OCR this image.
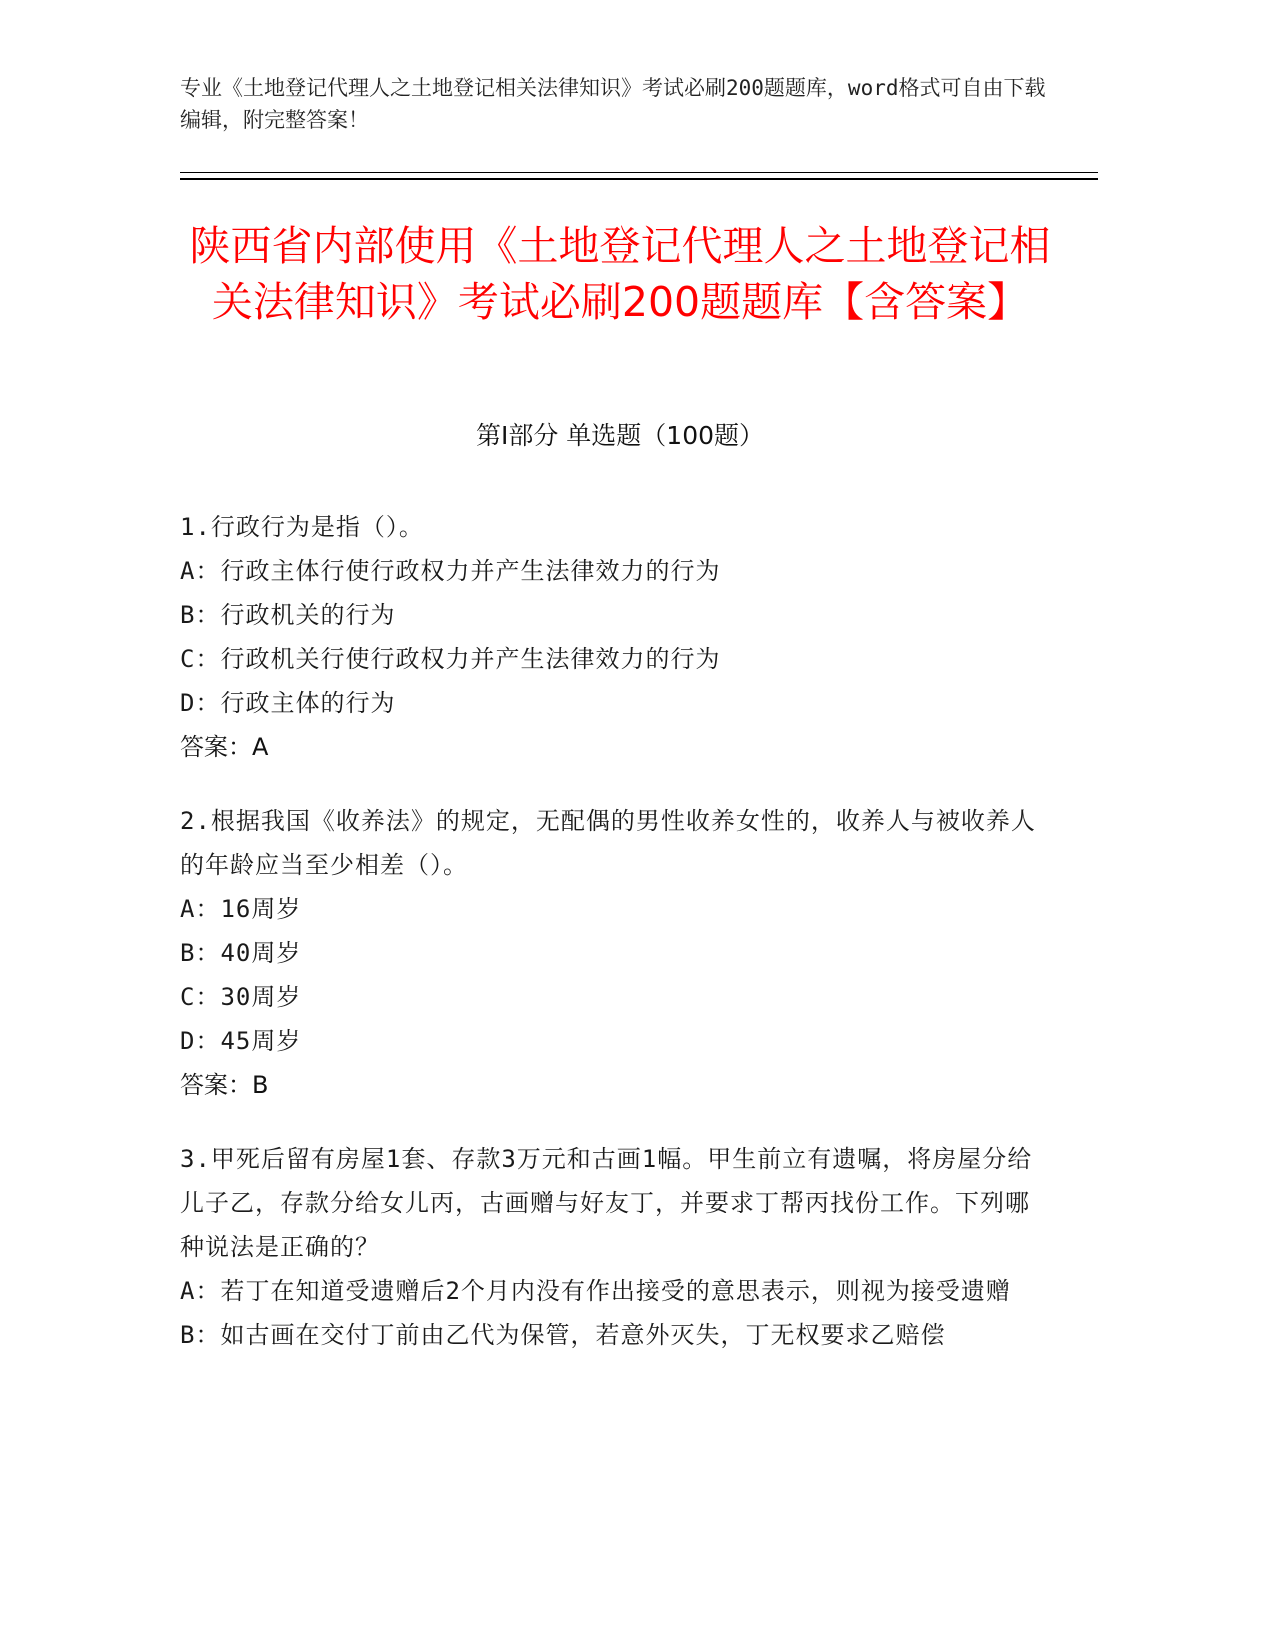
专业《土地登记代理人之土地登记相关法律知识》考试必刷200题题库，word格式可自由下载编辑，附完整答案！
陕西省内部使用《土地登记代理人之土地登记相关法律知识》考试必刷200题题库【含答案】
第Ⅰ部分 单选题（100题）
1.行政行为是指（）。
A：行政主体行使行政权力并产生法律效力的行为
B：行政机关的行为
C：行政机关行使行政权力并产生法律效力的行为
D：行政主体的行为
答案：A
2.根据我国《收养法》的规定，无配偶的男性收养女性的，收养人与被收养人的年龄应当至少相差（）。
A：16周岁
B：40周岁
C：30周岁
D：45周岁
答案：B
3.甲死后留有房屋1套、存款3万元和古画1幅。甲生前立有遗嘱，将房屋分给儿子乙，存款分给女儿丙，古画赠与好友丁，并要求丁帮丙找份工作。下列哪种说法是正确的？
A：若丁在知道受遗赠后2个月内没有作出接受的意思表示，则视为接受遗赠
B：如古画在交付丁前由乙代为保管，若意外灭失，丁无权要求乙赔偿
